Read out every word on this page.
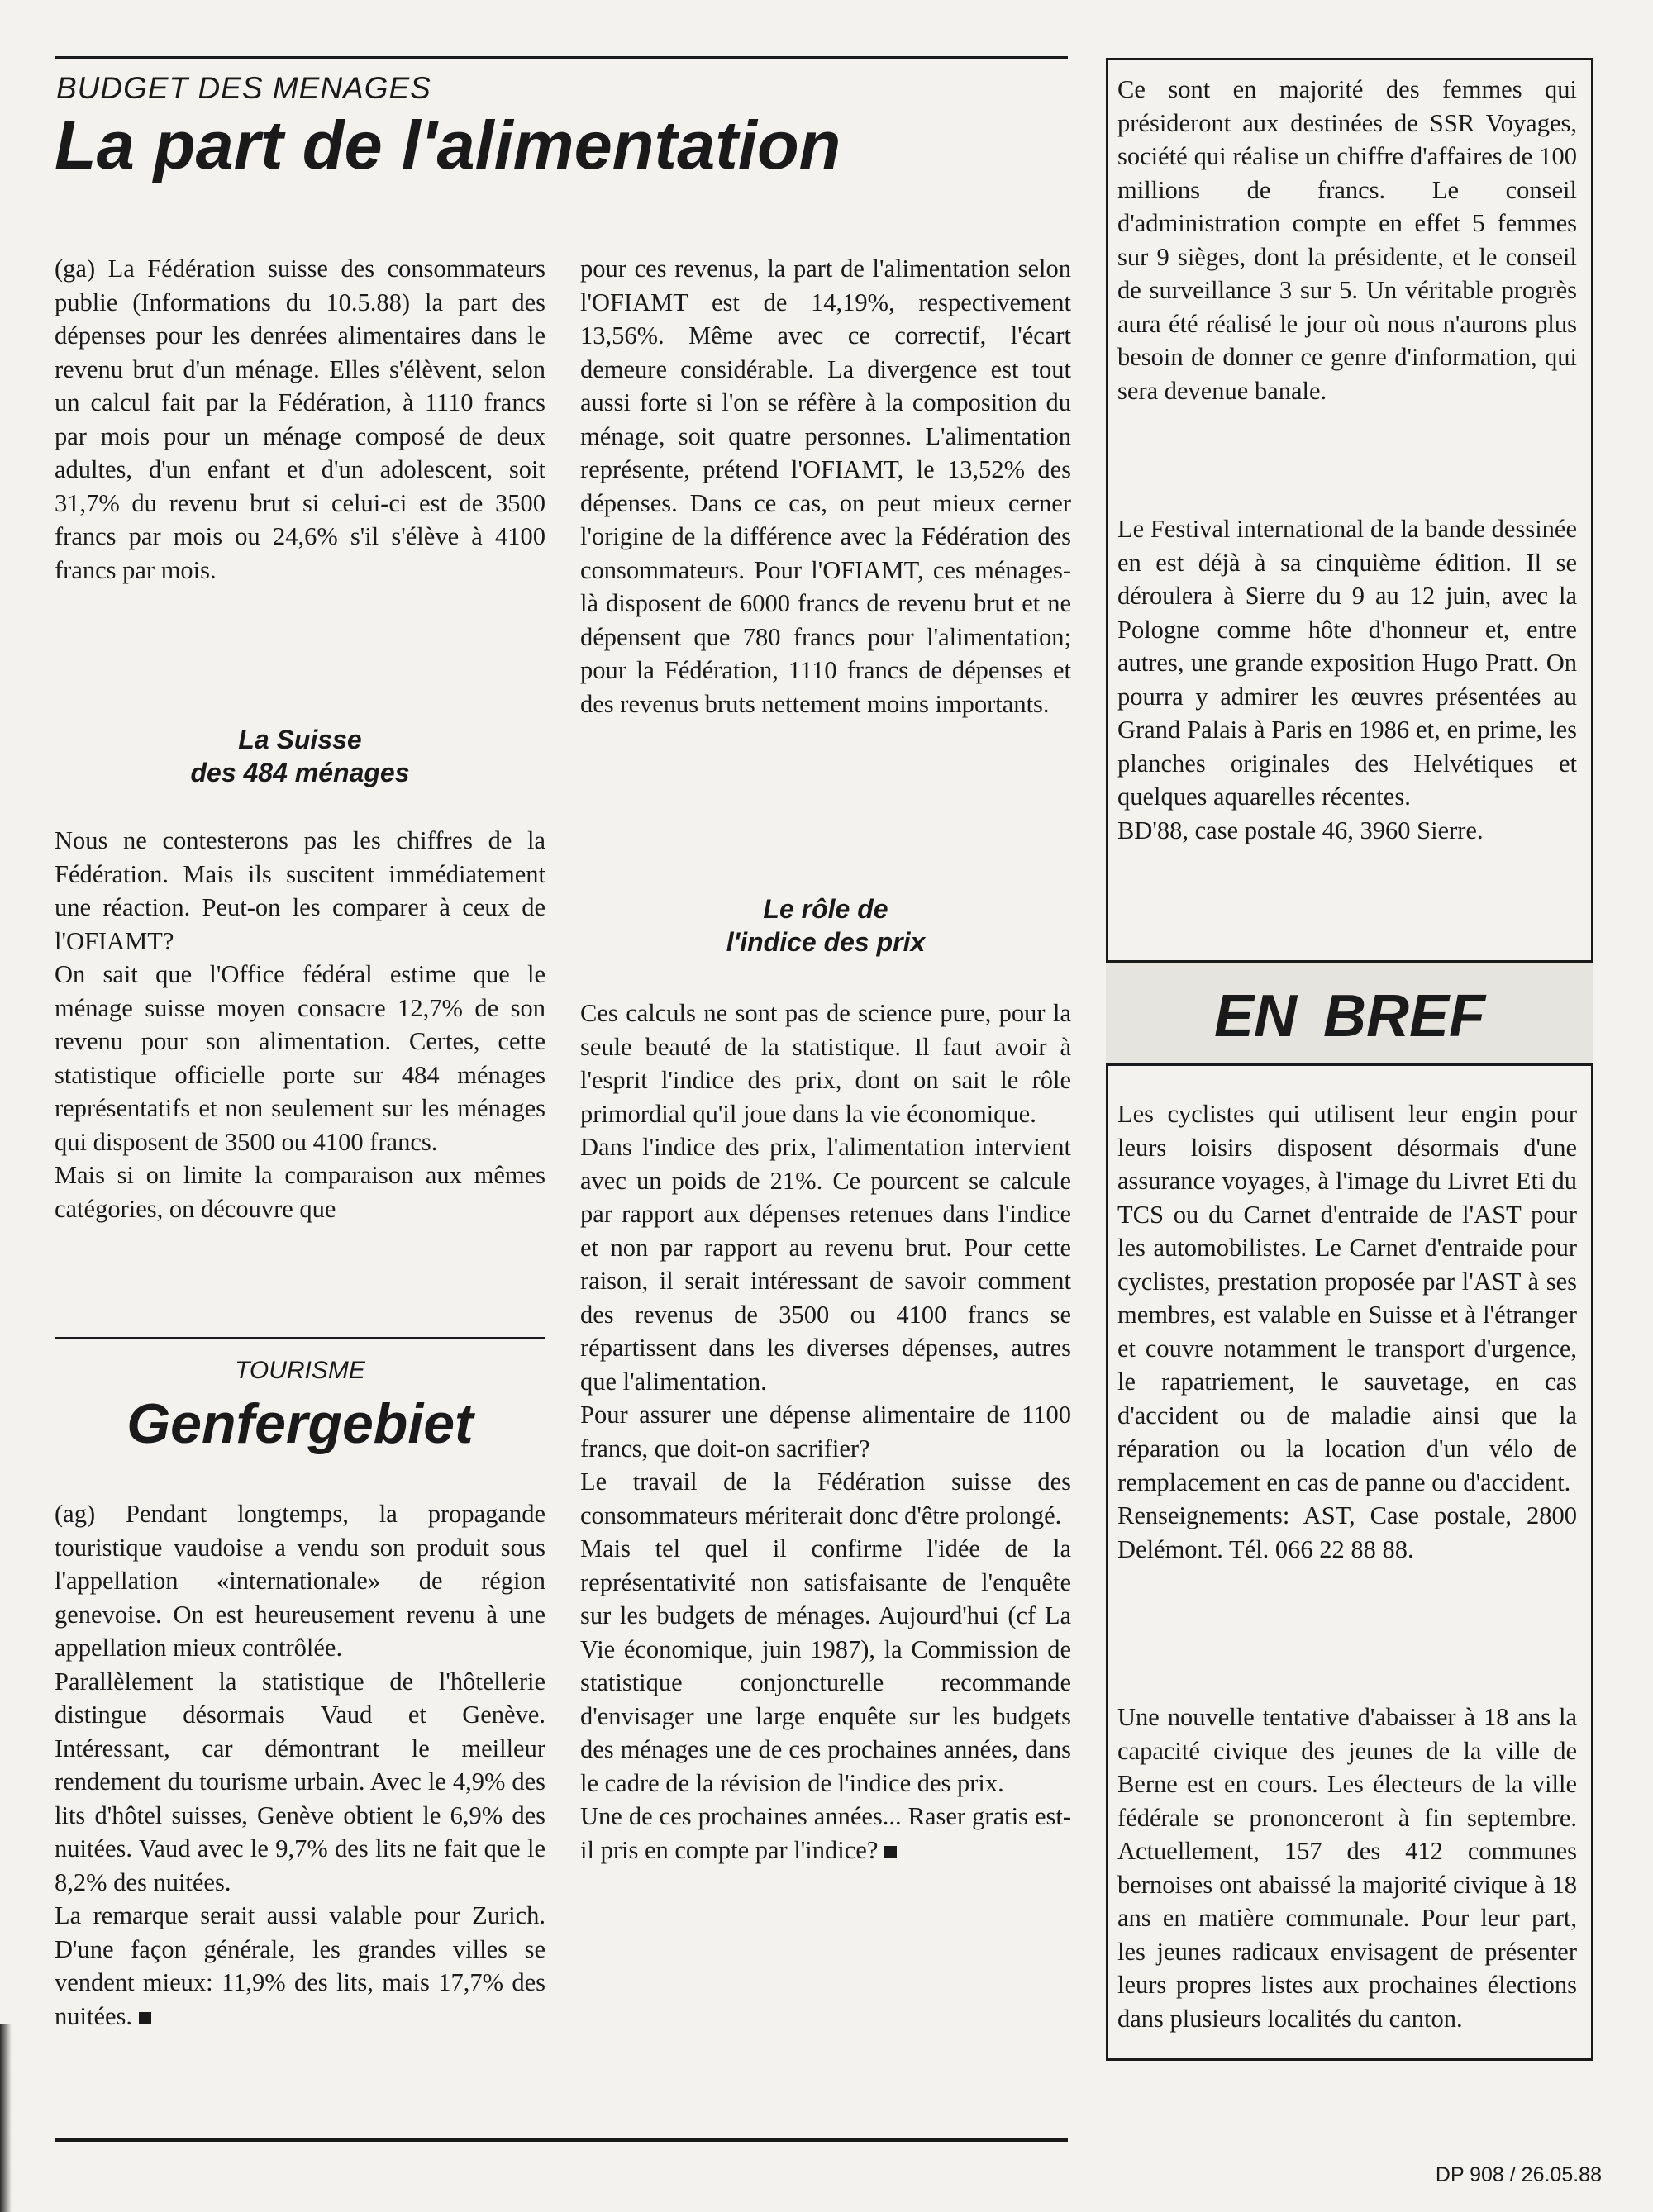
BUDGET DES MENAGES

La part de l'alimentation

(ga) La Fédération suisse des consommateurs publie (Informations du 10.5.88) la part des dépenses pour les denrées alimentaires dans le revenu brut d'un ménage. Elles s'élèvent, selon un calcul fait par la Fédération, à 1110 francs par mois pour un ménage composé de deux adultes, d'un enfant et d'un adolescent, soit 31,7% du revenu brut si celui-ci est de 3500 francs par mois ou 24,6% s'il s'élève à 4100 francs par mois.

La Suisse
des 484 ménages

Nous ne contesterons pas les chiffres de la Fédération. Mais ils suscitent immédiatement une réaction. Peut-on les comparer à ceux de l'OFIAMT?

On sait que l'Office fédéral estime que le ménage suisse moyen consacre 12,7% de son revenu pour son alimentation. Certes, cette statistique officielle porte sur 484 ménages représentatifs et non seulement sur les ménages qui disposent de 3500 ou 4100 francs.

Mais si on limite la comparaison aux mêmes catégories, on découvre que

pour ces revenus, la part de l'alimentation selon l'OFIAMT est de 14,19%, respectivement 13,56%. Même avec ce correctif, l'écart demeure considérable. La divergence est tout aussi forte si l'on se réfère à la composition du ménage, soit quatre personnes. L'alimentation représente, prétend l'OFIAMT, le 13,52% des dépenses. Dans ce cas, on peut mieux cerner l'origine de la différence avec la Fédération des consommateurs. Pour l'OFIAMT, ces ménages-là disposent de 6000 francs de revenu brut et ne dépensent que 780 francs pour l'alimentation; pour la Fédération, 1110 francs de dépenses et des revenus bruts nettement moins importants.

Le rôle de
l'indice des prix

Ces calculs ne sont pas de science pure, pour la seule beauté de la statistique. Il faut avoir à l'esprit l'indice des prix, dont on sait le rôle primordial qu'il joue dans la vie économique.

Dans l'indice des prix, l'alimentation intervient avec un poids de 21%. Ce pourcent se calcule par rapport aux dépenses retenues dans l'indice et non par rapport au revenu brut. Pour cette raison, il serait intéressant de savoir comment des revenus de 3500 ou 4100 francs se répartissent dans les diverses dépenses, autres que l'alimentation.

Pour assurer une dépense alimentaire de 1100 francs, que doit-on sacrifier?

Le travail de la Fédération suisse des consommateurs mériterait donc d'être prolongé.

Mais tel quel il confirme l'idée de la représentativité non satisfaisante de l'enquête sur les budgets de ménages. Aujourd'hui (cf La Vie économique, juin 1987), la Commission de statistique conjoncturelle recommande d'envisager une large enquête sur les budgets des ménages une de ces prochaines années, dans le cadre de la révision de l'indice des prix.

Une de ces prochaines années... Raser gratis est-il pris en compte par l'indice?

TOURISME

Genfergebiet

(ag) Pendant longtemps, la propagande touristique vaudoise a vendu son produit sous l'appellation «internationale» de région genevoise. On est heureusement revenu à une appellation mieux contrôlée.

Parallèlement la statistique de l'hôtellerie distingue désormais Vaud et Genève. Intéressant, car démontrant le meilleur rendement du tourisme urbain. Avec le 4,9% des lits d'hôtel suisses, Genève obtient le 6,9% des nuitées. Vaud avec le 9,7% des lits ne fait que le 8,2% des nuitées.

La remarque serait aussi valable pour Zurich. D'une façon générale, les grandes villes se vendent mieux: 11,9% des lits, mais 17,7% des nuitées.

Ce sont en majorité des femmes qui présideront aux destinées de SSR Voyages, société qui réalise un chiffre d'affaires de 100 millions de francs. Le conseil d'administration compte en effet 5 femmes sur 9 sièges, dont la présidente, et le conseil de surveillance 3 sur 5. Un véritable progrès aura été réalisé le jour où nous n'aurons plus besoin de donner ce genre d'information, qui sera devenue banale.

Le Festival international de la bande dessinée en est déjà à sa cinquième édition. Il se déroulera à Sierre du 9 au 12 juin, avec la Pologne comme hôte d'honneur et, entre autres, une grande exposition Hugo Pratt. On pourra y admirer les œuvres présentées au Grand Palais à Paris en 1986 et, en prime, les planches originales des Helvétiques et quelques aquarelles récentes.

BD'88, case postale 46, 3960 Sierre.

EN BREF

Les cyclistes qui utilisent leur engin pour leurs loisirs disposent désormais d'une assurance voyages, à l'image du Livret Eti du TCS ou du Carnet d'entraide de l'AST pour les automobilistes. Le Carnet d'entraide pour cyclistes, prestation proposée par l'AST à ses membres, est valable en Suisse et à l'étranger et couvre notamment le transport d'urgence, le rapatriement, le sauvetage, en cas d'accident ou de maladie ainsi que la réparation ou la location d'un vélo de remplacement en cas de panne ou d'accident.

Renseignements: AST, Case postale, 2800 Delémont. Tél. 066 22 88 88.

Une nouvelle tentative d'abaisser à 18 ans la capacité civique des jeunes de la ville de Berne est en cours. Les électeurs de la ville fédérale se prononceront à fin septembre. Actuellement, 157 des 412 communes bernoises ont abaissé la majorité civique à 18 ans en matière communale. Pour leur part, les jeunes radicaux envisagent de présenter leurs propres listes aux prochaines élections dans plusieurs localités du canton.

DP 908 / 26.05.88
